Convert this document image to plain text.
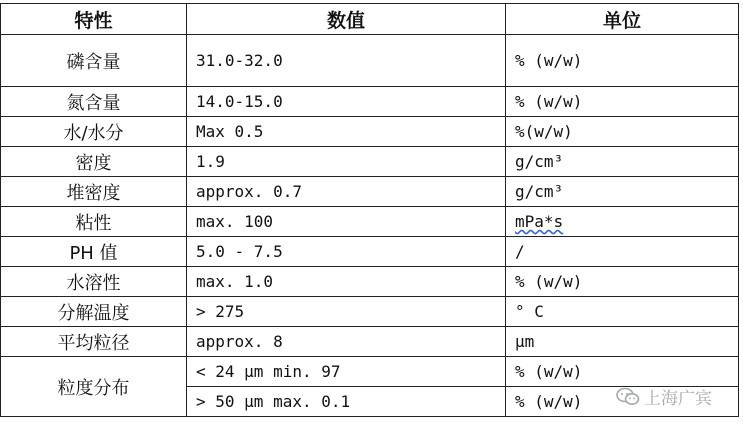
特性	数值	单位
磷含量	31.0-32.0	% (w/w)
氮含量	14.0-15.0	% (w/w)
水/水分	Max 0.5	%(w/w)
密度	1.9	g/cm³
堆密度	approx. 0.7	g/cm³
粘性	max. 100	mPa*s
PH 值	5.0 - 7.5	/
水溶性	max. 1.0	% (w/w)
分解温度	> 275	° C
平均粒径	approx. 8	μm
粒度分布	< 24 μm min. 97	% (w/w)
	> 50 μm max. 0.1	% (w/w)	上海广宾
